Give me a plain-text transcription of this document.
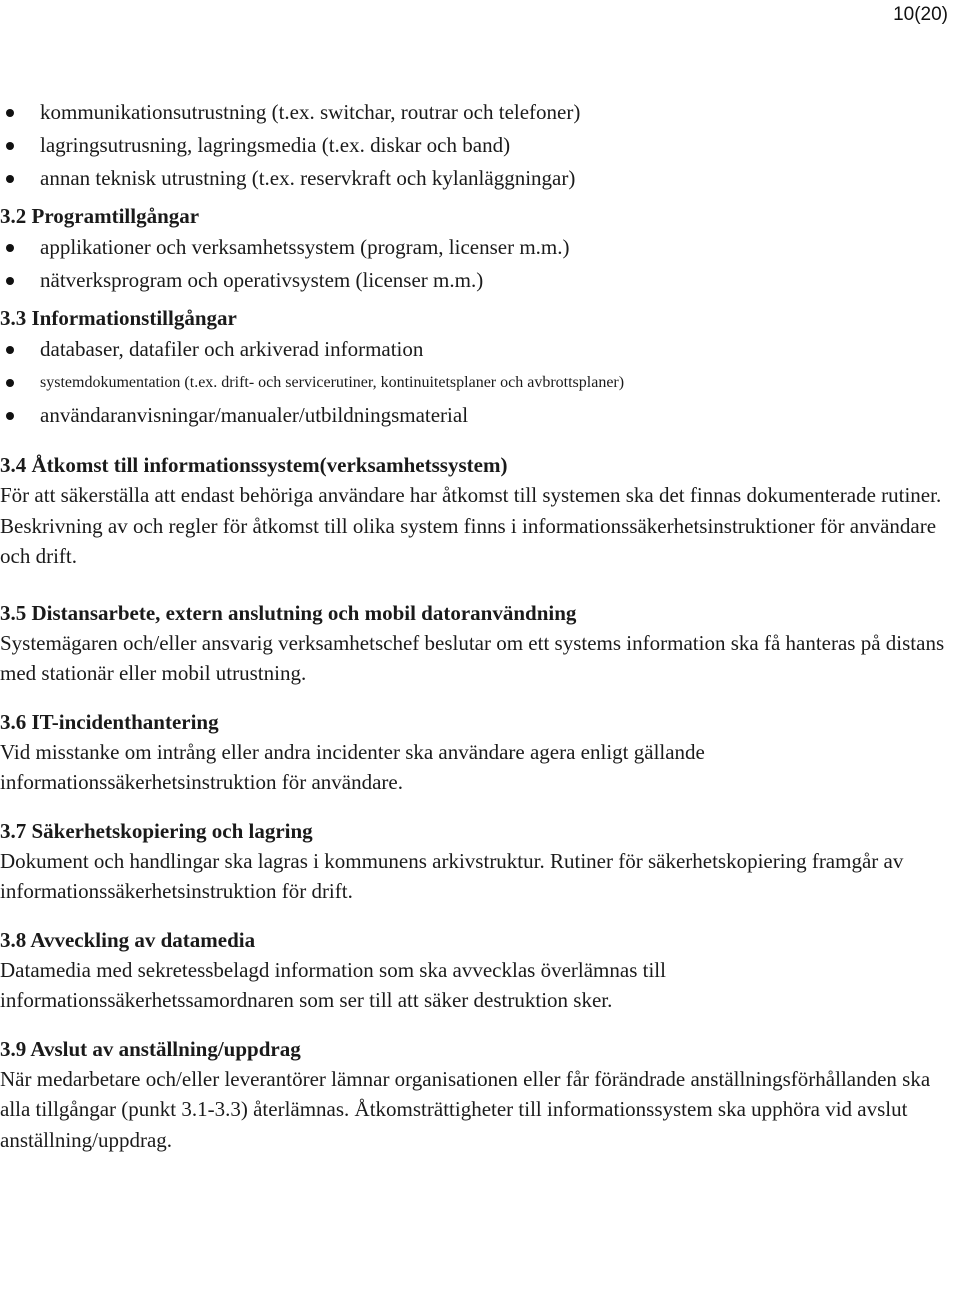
10(20)
kommunikationsutrustning (t.ex. switchar, routrar och telefoner)
lagringsutrusning, lagringsmedia (t.ex. diskar och band)
annan teknisk utrustning (t.ex. reservkraft och kylanläggningar)
3.2 Programtillgångar
applikationer och verksamhetssystem (program, licenser m.m.)
nätverksprogram och operativsystem (licenser m.m.)
3.3 Informationstillgångar
databaser, datafiler och arkiverad information
systemdokumentation (t.ex. drift- och servicerutiner, kontinuitetsplaner och avbrottsplaner)
användaranvisningar/manualer/utbildningsmaterial
3.4 Åtkomst till informationssystem(verksamhetssystem)

För att säkerställa att endast behöriga användare har åtkomst till systemen ska det finnas dokumenterade rutiner. Beskrivning av och regler för åtkomst till olika system finns i informationssäkerhetsinstruktioner för användare och drift.

3.5 Distansarbete, extern anslutning och mobil datoranvändning

Systemägaren och/eller ansvarig verksamhetschef beslutar om ett systems information ska få hanteras på distans med stationär eller mobil utrustning.

3.6 IT-incidenthantering

Vid misstanke om intrång eller andra incidenter ska användare agera enligt gällande informationssäkerhetsinstruktion för användare.

3.7 Säkerhetskopiering och lagring

Dokument och handlingar ska lagras i kommunens arkivstruktur. Rutiner för säkerhetskopiering framgår av informationssäkerhetsinstruktion för drift.

3.8 Avveckling av datamedia

Datamedia med sekretessbelagd information som ska avvecklas överlämnas till informationssäkerhetssamordnaren som ser till att säker destruktion sker.

3.9 Avslut av anställning/uppdrag

När medarbetare och/eller leverantörer lämnar organisationen eller får förändrade anställningsförhållanden ska alla tillgångar (punkt 3.1-3.3) återlämnas. Åtkomsträttigheter till informationssystem ska upphöra vid avslut anställning/uppdrag.
